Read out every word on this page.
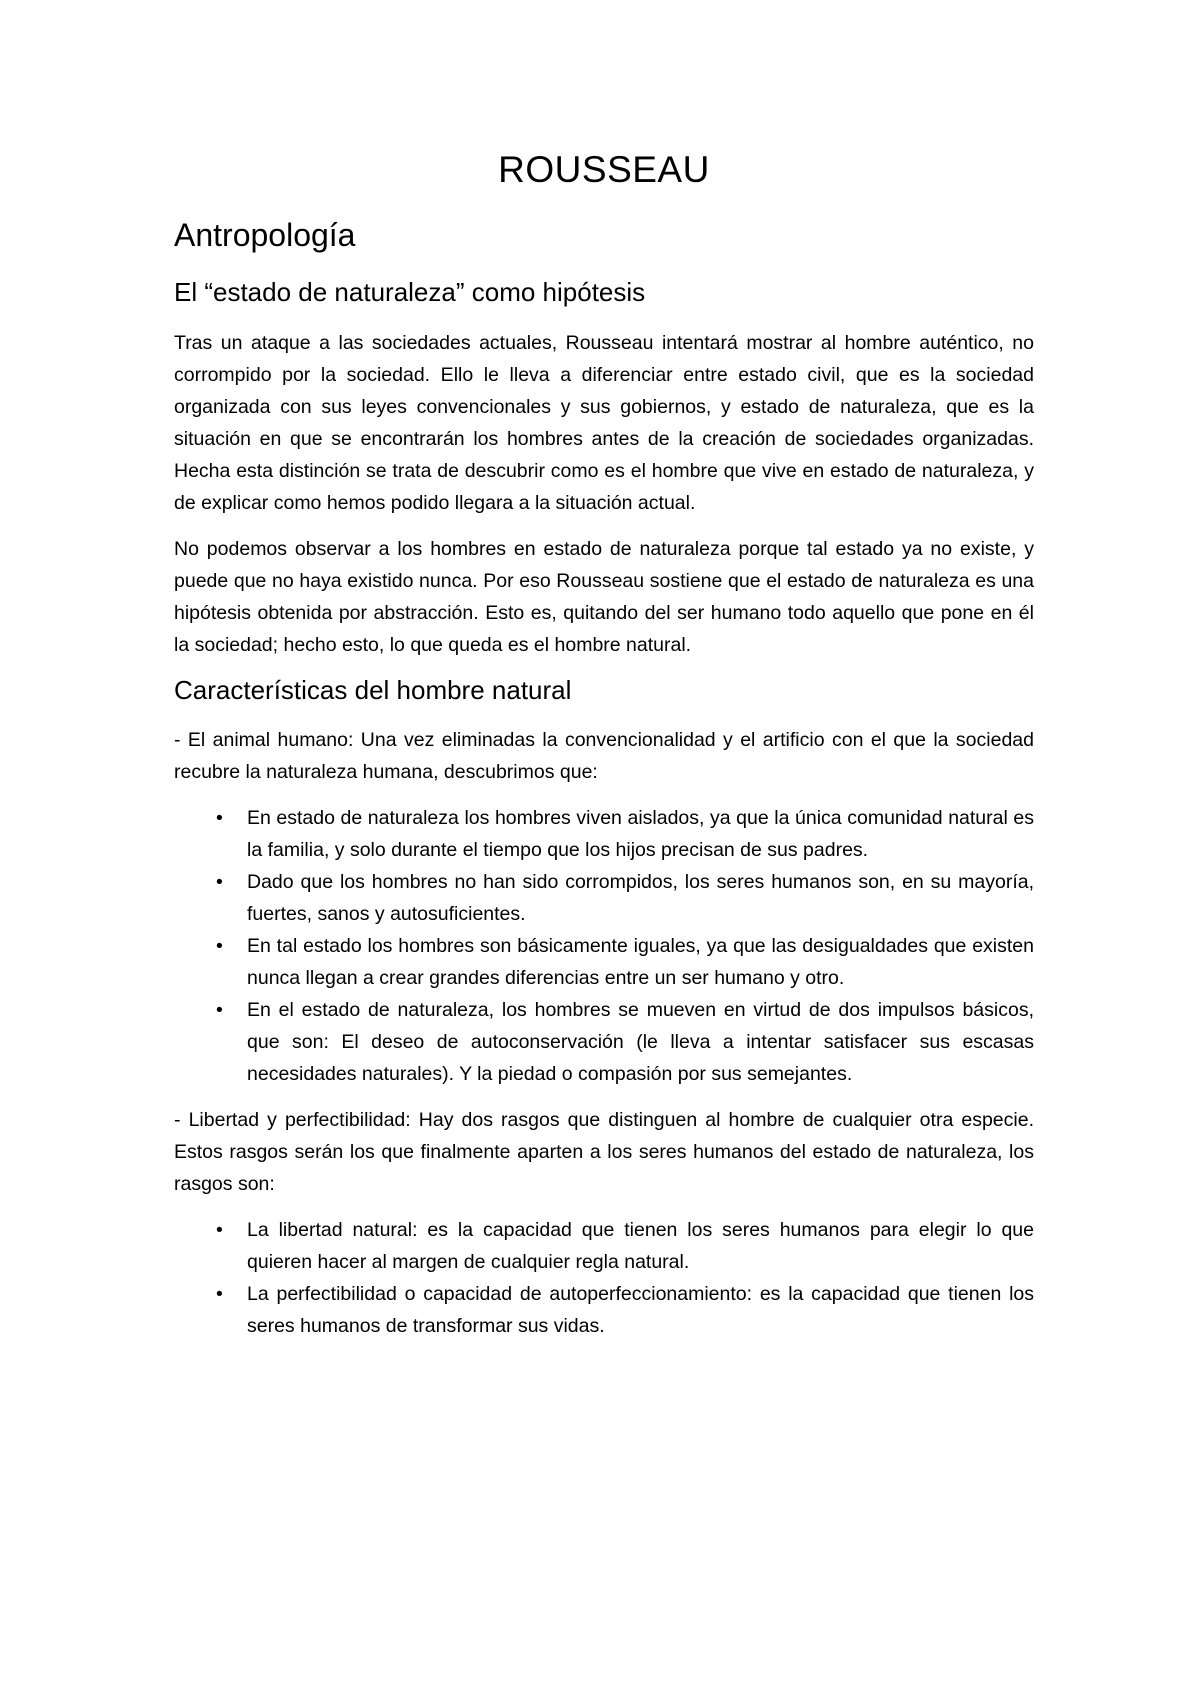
ROUSSEAU
Antropología
El “estado de naturaleza” como hipótesis

Tras un ataque a las sociedades actuales, Rousseau intentará mostrar al hombre auténtico, no corrompido por la sociedad. Ello le lleva a diferenciar entre estado civil, que es la sociedad organizada con sus leyes convencionales y sus gobiernos, y estado de naturaleza, que es la situación en que se encontrarán los hombres antes de la creación de sociedades organizadas. Hecha esta distinción se trata de descubrir como es el hombre que vive en estado de naturaleza, y de explicar como hemos podido llegara a la situación actual.

No podemos observar a los hombres en estado de naturaleza porque tal estado ya no existe, y puede que no haya existido nunca. Por eso Rousseau sostiene que el estado de naturaleza es una hipótesis obtenida por abstracción. Esto es, quitando del ser humano todo aquello que pone en él la sociedad; hecho esto, lo que queda es el hombre natural.

Características del hombre natural

- El animal humano: Una vez eliminadas la convencionalidad y el artificio con el que la sociedad recubre la naturaleza humana, descubrimos que:

• En estado de naturaleza los hombres viven aislados, ya que la única comunidad natural es la familia, y solo durante el tiempo que los hijos precisan de sus padres.
• Dado que los hombres no han sido corrompidos, los seres humanos son, en su mayoría, fuertes, sanos y autosuficientes.
• En tal estado los hombres son básicamente iguales, ya que las desigualdades que existen nunca llegan a crear grandes diferencias entre un ser humano y otro.
• En el estado de naturaleza, los hombres se mueven en virtud de dos impulsos básicos, que son: El deseo de autoconservación (le lleva a intentar satisfacer sus escasas necesidades naturales). Y la piedad o compasión por sus semejantes.

- Libertad y perfectibilidad: Hay dos rasgos que distinguen al hombre de cualquier otra especie. Estos rasgos serán los que finalmente aparten a los seres humanos del estado de naturaleza, los rasgos son:

• La libertad natural: es la capacidad que tienen los seres humanos para elegir lo que quieren hacer al margen de cualquier regla natural.
• La perfectibilidad o capacidad de autoperfeccionamiento: es la capacidad que tienen los seres humanos de transformar sus vidas.
